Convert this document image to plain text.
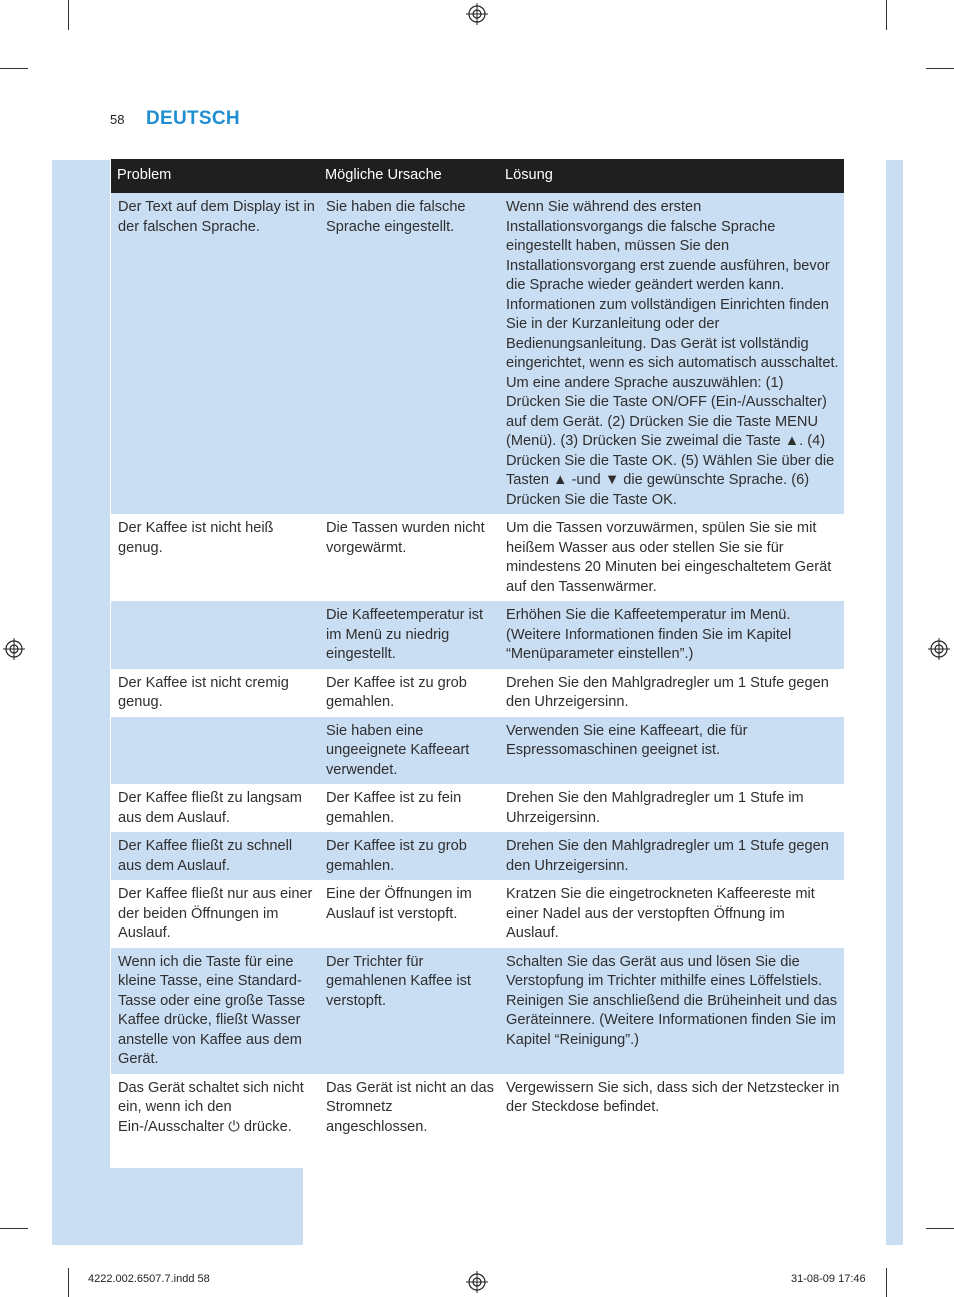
58 DEUTSCH
Problem	Mögliche Ursache	Lösung
Der Text auf dem Display ist in der falschen Sprache.	Sie haben die falsche Sprache eingestellt.	Wenn Sie während des ersten Installationsvorgangs die falsche Sprache eingestellt haben, müssen Sie den Installationsvorgang erst zuende ausführen, bevor die Sprache wieder geändert werden kann. Informationen zum vollständigen Einrichten finden Sie in der Kurzanleitung oder der Bedienungsanleitung. Das Gerät ist vollständig eingerichtet, wenn es sich automatisch ausschaltet. Um eine andere Sprache auszuwählen: (1) Drücken Sie die Taste ON/OFF (Ein-/Ausschalter) auf dem Gerät. (2) Drücken Sie die Taste MENU (Menü). (3) Drücken Sie zweimal die Taste ▲. (4) Drücken Sie die Taste OK. (5) Wählen Sie über die Tasten ▲ -und ▼ die gewünschte Sprache. (6) Drücken Sie die Taste OK.
Der Kaffee ist nicht heiß genug.	Die Tassen wurden nicht vorgewärmt.	Um die Tassen vorzuwärmen, spülen Sie sie mit heißem Wasser aus oder stellen Sie sie für mindestens 20 Minuten bei eingeschaltetem Gerät auf den Tassenwärmer.
	Die Kaffeetemperatur ist im Menü zu niedrig eingestellt.	Erhöhen Sie die Kaffeetemperatur im Menü. (Weitere Informationen finden Sie im Kapitel “Menüparameter einstellen”.)
Der Kaffee ist nicht cremig genug.	Der Kaffee ist zu grob gemahlen.	Drehen Sie den Mahlgradregler um 1 Stufe gegen den Uhrzeigersinn.
	Sie haben eine ungeeignete Kaffeeart verwendet.	Verwenden Sie eine Kaffeeart, die für Espressomaschinen geeignet ist.
Der Kaffee fließt zu langsam aus dem Auslauf.	Der Kaffee ist zu fein gemahlen.	Drehen Sie den Mahlgradregler um 1 Stufe im Uhrzeigersinn.
Der Kaffee fließt zu schnell aus dem Auslauf.	Der Kaffee ist zu grob gemahlen.	Drehen Sie den Mahlgradregler um 1 Stufe gegen den Uhrzeigersinn.
Der Kaffee fließt nur aus einer der beiden Öffnungen im Auslauf.	Eine der Öffnungen im Auslauf ist verstopft.	Kratzen Sie die eingetrockneten Kaffeereste mit einer Nadel aus der verstopften Öffnung im Auslauf.
Wenn ich die Taste für eine kleine Tasse, eine Standard-Tasse oder eine große Tasse Kaffee drücke, fließt Wasser anstelle von Kaffee aus dem Gerät.	Der Trichter für gemahlenen Kaffee ist verstopft.	Schalten Sie das Gerät aus und lösen Sie die Verstopfung im Trichter mithilfe eines Löffelstiels. Reinigen Sie anschließend die Brüheinheit und das Geräteinnere. (Weitere Informationen finden Sie im Kapitel “Reinigung”.)
Das Gerät schaltet sich nicht ein, wenn ich den Ein-/Ausschalter ⏻ drücke.	Das Gerät ist nicht an das Stromnetz angeschlossen.	Vergewissern Sie sich, dass sich der Netzstecker in der Steckdose befindet.
4222.002.6507.7.indd 58	31-08-09 17:46
